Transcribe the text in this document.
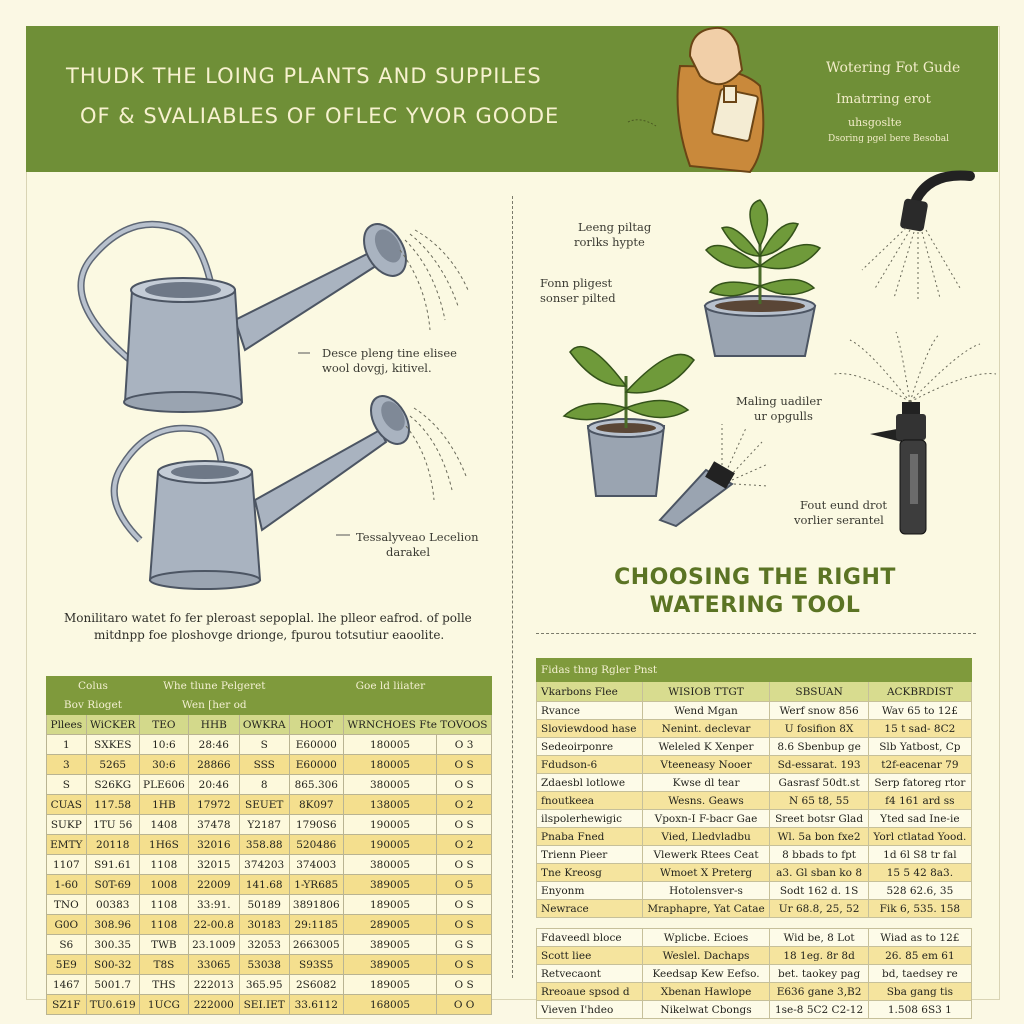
THUDK THE LOING PLANTS AND SUPPILES
OF & SVALIABLES OF OFLEC YVOR GOODE
Wotering Fot Gude
Imatrring erot
uhsgoslte
Dsoring pgel bere Besobal
Desce pleng tine elisee
wool dovgj, kitivel.
Tessalyveao Lecelion
darakel
Monilitaro watet fo fer pleroast sepoplal. lhe plleor eafrod. of polle
mitdnpp foe ploshovge drionge, fpurou totsutiur eaoolite.
Leeng piltag
rorlks hypte
Fonn pligest
sonser pilted
Maling uadiler
ur opgulls
Fout eund drot
vorlier serantel
CHOOSING THE RIGHT
WATERING TOOL
Colus		Whe tlune Pelgeret			Goe ld liiater		
Bov Rioget		Wen [her od					
Pllees	WiCKER	TEO	HHB	OWKRA	HOOT	WRNCHOES Fte TOVOOS	
1	SXKES	10:6	28:46	S	E60000	180005	O 3
3	5265	30:6	28866	SSS	E60000	180005	O S
S	S26KG	PLE606	20:46	8	865.306	380005	O S
CUAS	117.58	1HB	17972	SEUET	8K097	138005	O 2
SUKP	1TU 56	1408	37478	Y2187	1790S6	190005	O S
EMTY	20118	1H6S	32016	358.88	520486	190005	O 2
1107	S91.61	1108	32015	374203	374003	380005	O S
1-60	S0T-69	1008	22009	141.68	1-YR685	389005	O 5
TNO	00383	1108	33:91.	50189	3891806	189005	O S
G0O	308.96	1108	22-00.8	30183	29:1185	289005	O S
S6	300.35	TWB	23.1009	32053	2663005	389005	G S
5E9	S00-32	T8S	33065	53038	S93S5	389005	O S
1467	5001.7	THS	222013	365.95	2S6082	189005	O S
SZ1F	TU0.619	1UCG	222000	SEI.IET	33.6112	168005	O O
Fidas thng Rgler Pnst			
Vkarbons Flee	WISIOB TTGT	SBSUAN	ACKBRDIST
Rvance	Wend Mgan	Werf snow 856	Wav 65 to 12£
Sloviewdood hase	Nenint. declevar	U fosifion 8X	15 t sad- 8C2
Sedeoirponre	Weleled K Xenper	8.6 Sbenbup ge	Slb Yatbost, Cp
Fdudson-6	Vteeneasy Nooer	Sd-essarat. 193	t2f-eacenar 79
Zdaesbl lotlowe	Kwse dl tear	Gasrasf 50dt.st	Serp fatoreg rtor
fnoutkeea	Wesns. Geaws	N 65 t8, 55	f4 161 ard ss
ilspolerhewigic	Vpoxn-I F-bacr Gae	Sreet botsr Glad	Yted sad Ine-ie
Pnaba Fned	Vied, Lledvladbu	Wl. 5a bon fxe2	Yorl ctlatad Yood.
Trienn Pieer	Vlewerk Rtees Ceat	8 bbads to fpt	1d 6l S8 tr fal
Tne Kreosg	Wmoet X Preterg	a3. Gl sban ko 8	15 5 42 8a3.
Enyonm	Hotolensver-s	Sodt 162 d. 1S	528 62.6, 35
Newrace	Mraphapre, Yat Catae	Ur 68.8, 25, 52	Fik 6, 535. 158

Fdaveedl bloce	Wplicbe. Ecioes	Wid be, 8 Lot	Wiad as to 12£
Scott liee	Weslel. Dachaps	18 1eg. 8r 8d	26. 85 em 61
Retvecaont	Keedsap Kew Eefso.	bet. taokey pag	bd, taedsey re
Rreoaue spsod d	Xbenan Hawlope	E636 gane 3,B2	Sba gang tis
Vieven I'hdeo	Nikelwat Cbongs	1se-8 5C2 C2-12	1.508 6S3 1
